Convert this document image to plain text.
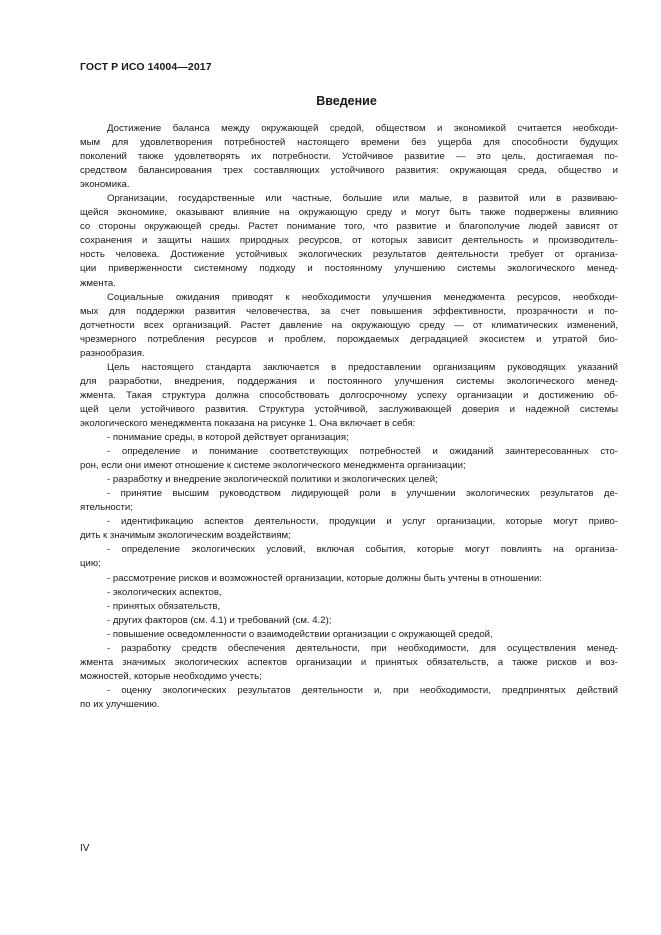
ГОСТ Р ИСО 14004—2017
Введение
Достижение баланса между окружающей средой, обществом и экономикой считается необходи-
мым для удовлетворения потребностей настоящего времени без ущерба для способности будущих
поколений также удовлетворять их потребности. Устойчивое развитие — это цель, достигаемая по-
средством балансирования трех составляющих устойчивого развития: окружающая среда, общество и
экономика.
Организации, государственные или частные, большие или малые, в развитой или в развиваю-
щейся экономике, оказывают влияние на окружающую среду и могут быть также подвержены влиянию
со стороны окружающей среды. Растет понимание того, что развитие и благополучие людей зависят от
сохранения и защиты наших природных ресурсов, от которых зависит деятельность и производитель-
ность человека. Достижение устойчивых экологических результатов деятельности требует от организа-
ции приверженности системному подходу и постоянному улучшению системы экологического менед-
жмента.
Социальные ожидания приводят к необходимости улучшения менеджмента ресурсов, необходи-
мых для поддержки развития человечества, за счет повышения эффективности, прозрачности и по-
дотчетности всех организаций. Растет давление на окружающую среду — от климатических изменений,
чрезмерного потребления ресурсов и проблем, порождаемых деградацией экосистем и утратой био-
разнообразия.
Цель настоящего стандарта заключается в предоставлении организациям руководящих указаний
для разработки, внедрения, поддержания и постоянного улучшения системы экологического менед-
жмента. Такая структура должна способствовать долгосрочному успеху организации и достижению об-
щей цели устойчивого развития. Структура устойчивой, заслуживающей доверия и надежной системы
экологического менеджмента показана на рисунке 1. Она включает в себя:
- понимание среды, в которой действует организация;
- определение и понимание соответствующих потребностей и ожиданий заинтересованных сто-
рон, если они имеют отношение к системе экологического менеджмента организации;
- разработку и внедрение экологической политики и экологических целей;
- принятие высшим руководством лидирующей роли в улучшении экологических результатов де-
ятельности;
- идентификацию аспектов деятельности, продукции и услуг организации, которые могут приво-
дить к значимым экологическим воздействиям;
- определение экологических условий, включая события, которые могут повлиять на организа-
цию;
- рассмотрение рисков и возможностей организации, которые должны быть учтены в отношении:
- экологических аспектов,
- принятых обязательств,
- других факторов (см. 4.1) и требований (см. 4.2);
- повышение осведомленности о взаимодействии организации с окружающей средой,
- разработку средств обеспечения деятельности, при необходимости, для осуществления менед-
жмента значимых экологических аспектов организации и принятых обязательств, а также рисков и воз-
можностей, которые необходимо учесть;
- оценку экологических результатов деятельности и, при необходимости, предпринятых действий
по их улучшению.
IV
